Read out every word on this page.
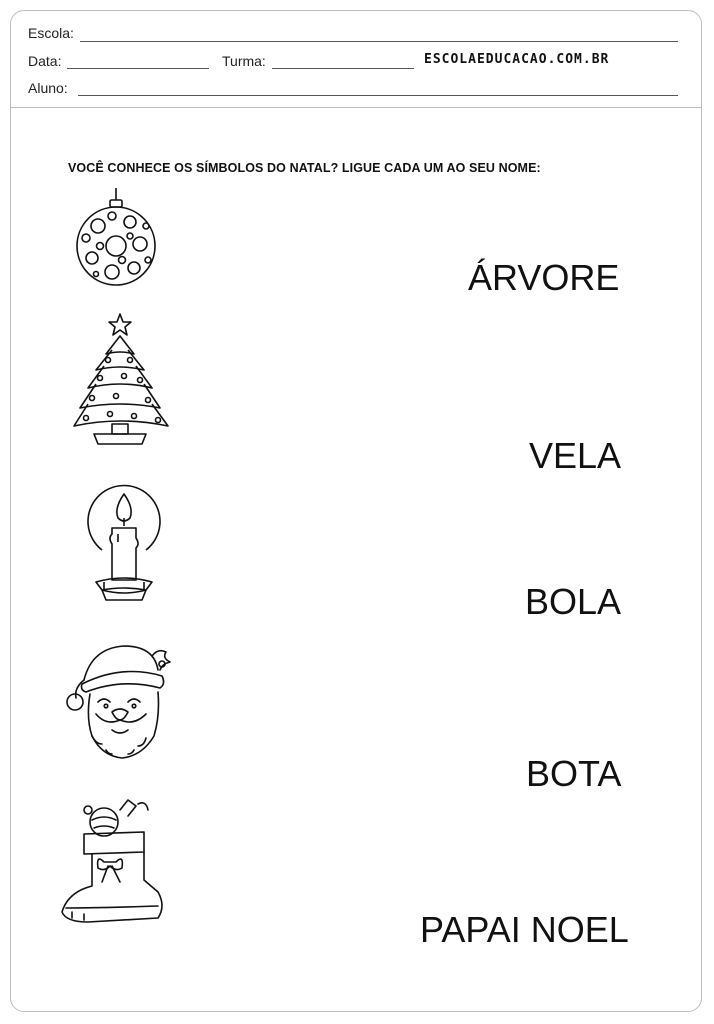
Escola:
Data:	Turma:	ESCOLAEDUCACAO.COM.BR
Aluno:
VOCÊ CONHECE OS SÍMBOLOS DO NATAL? LIGUE CADA UM AO SEU NOME:
ÁRVORE
VELA
BOLA
BOTA
PAPAI NOEL
